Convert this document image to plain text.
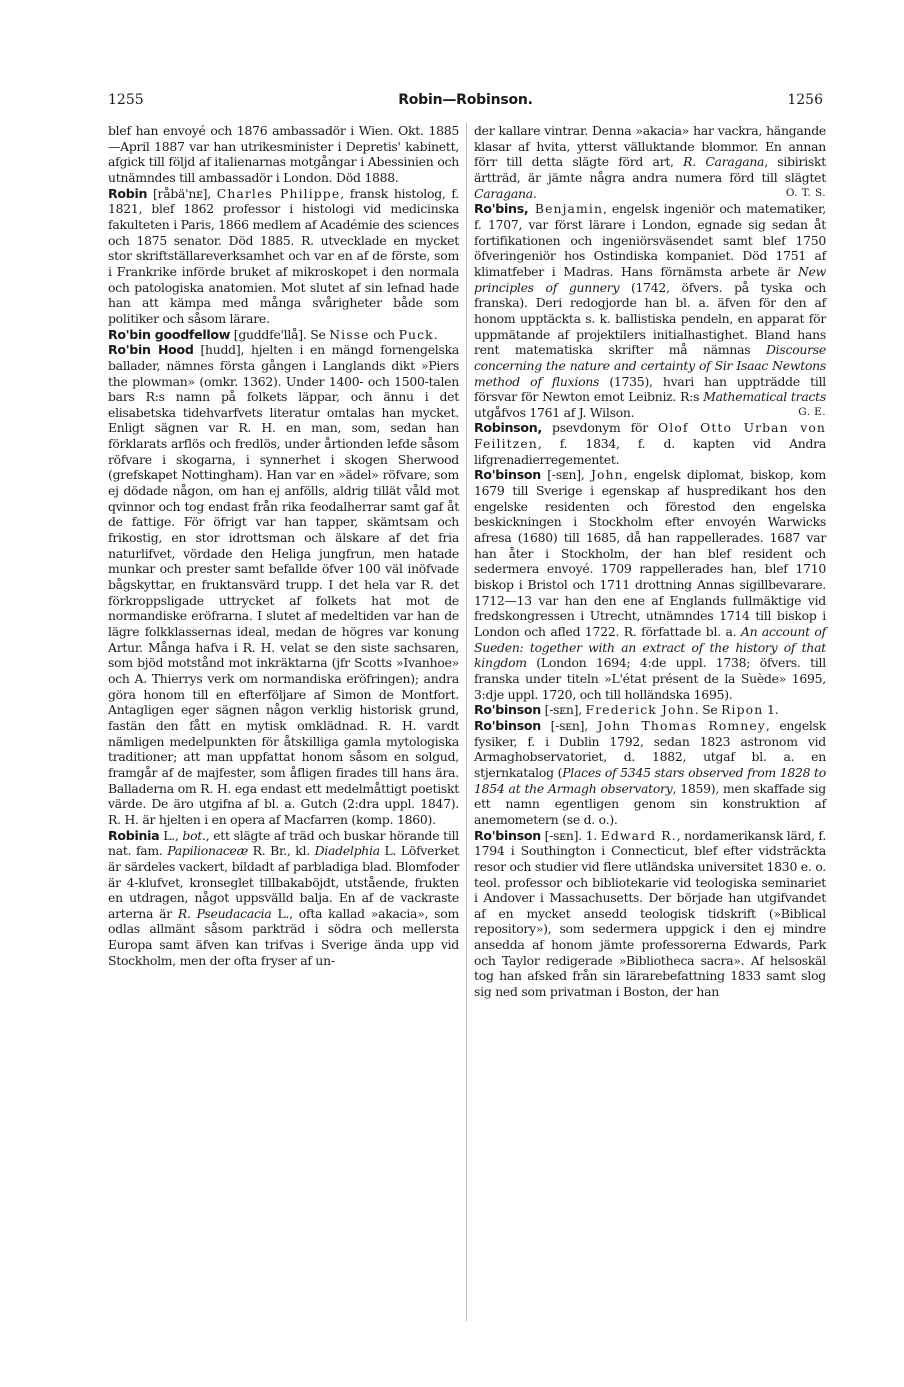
1255	Robin—Robinson.	1256

blef han envoyé och 1876 ambassadör i Wien. Okt. 1885—April 1887 var han utrikesminister i Depretis' kabinett, afgick till följd af italienarnas motgångar i Abessinien och utnämndes till ambassadör i London. Död 1888.

Robin [råbä'nᴇ], Charles Philippe, fransk histolog, f. 1821, blef 1862 professor i histologi vid medicinska fakulteten i Paris, 1866 medlem af Académie des sciences och 1875 senator. Död 1885. R. utvecklade en mycket stor skriftställareverksamhet och var en af de förste, som i Frankrike införde bruket af mikroskopet i den normala och patologiska anatomien. Mot slutet af sin lefnad hade han att kämpa med många svårigheter både som politiker och såsom lärare.

Ro'bin goodfellow [guddfe'llå]. Se Nisse och Puck.

Ro'bin Hood [hudd], hjelten i en mängd fornengelska ballader, nämnes första gången i Langlands dikt »Piers the plowman» (omkr. 1362). Under 1400- och 1500-talen bars R:s namn på folkets läppar, och ännu i det elisabetska tidehvarfvets literatur omtalas han mycket. Enligt sägnen var R. H. en man, som, sedan han förklarats arflös och fredlös, under årtionden lefde såsom röfvare i skogarna, i synnerhet i skogen Sherwood (grefskapet Nottingham). Han var en »ädel» röfvare, som ej dödade någon, om han ej anfölls, aldrig tillät våld mot qvinnor och tog endast från rika feodalherrar samt gaf åt de fattige. För öfrigt var han tapper, skämtsam och frikostig, en stor idrottsman och älskare af det fria naturlifvet, vördade den Heliga jungfrun, men hatade munkar och prester samt befallde öfver 100 väl inöfvade bågskyttar, en fruktansvärd trupp. I det hela var R. det förkroppsligade uttrycket af folkets hat mot de normandiske eröfrarna. I slutet af medeltiden var han de lägre folkklassernas ideal, medan de högres var konung Artur. Många hafva i R. H. velat se den siste sachsaren, som bjöd motstånd mot inkräktarna (jfr Scotts »Ivanhoe» och A. Thierrys verk om normandiska eröfringen); andra göra honom till en efterföljare af Simon de Montfort. Antagligen eger sägnen någon verklig historisk grund, fastän den fått en mytisk omklädnad. R. H. vardt nämligen medelpunkten för åtskilliga gamla mytologiska traditioner; att man uppfattat honom såsom en solgud, framgår af de majfester, som åfligen firades till hans ära. Balladerna om R. H. ega endast ett medelmåttigt poetiskt värde. De äro utgifna af bl. a. Gutch (2:dra uppl. 1847). R. H. är hjelten i en opera af Macfarren (komp. 1860).

Robinia L., bot., ett slägte af träd och buskar hörande till nat. fam. Papilionaceæ R. Br., kl. Diadelphia L. Löfverket är särdeles vackert, bildadt af parbladiga blad. Blomfoder är 4-klufvet, kronseglet tillbakaböjdt, utstående, frukten en utdragen, något uppsvälld balja. En af de vackraste arterna är R. Pseudacacia L., ofta kallad »akacia», som odlas allmänt såsom parkträd i södra och mellersta Europa samt äfven kan trifvas i Sverige ända upp vid Stockholm, men der ofta fryser af un-

der kallare vintrar. Denna »akacia» har vackra, hängande klasar af hvita, ytterst välluktande blommor. En annan förr till detta slägte förd art, R. Caragana, sibiriskt ärtträd, är jämte några andra numera förd till slägtet Caragana.	O. T. S.

Ro'bins, Benjamin, engelsk ingeniör och matematiker, f. 1707, var först lärare i London, egnade sig sedan åt fortifikationen och ingeniörsväsendet samt blef 1750 öfveringeniör hos Ostindiska kompaniet. Död 1751 af klimatfeber i Madras. Hans förnämsta arbete är New principles of gunnery (1742, öfvers. på tyska och franska). Deri redogjorde han bl. a. äfven för den af honom upptäckta s. k. ballistiska pendeln, en apparat för uppmätande af projektilers initialhastighet. Bland hans rent matematiska skrifter må nämnas Discourse concerning the nature and certainty of Sir Isaac Newtons method of fluxions (1735), hvari han uppträdde till försvar för Newton emot Leibniz. R:s Mathematical tracts utgåfvos 1761 af J. Wilson.	G. E.

Robinson, psevdonym för Olof Otto Urban von Feilitzen, f. 1834, f. d. kapten vid Andra lifgrenadierregementet.

Ro'binson [-sᴇn], John, engelsk diplomat, biskop, kom 1679 till Sverige i egenskap af huspredikant hos den engelske residenten och förestod den engelska beskickningen i Stockholm efter envoyén Warwicks afresa (1680) till 1685, då han rappellerades. 1687 var han åter i Stockholm, der han blef resident och sedermera envoyé. 1709 rappellerades han, blef 1710 biskop i Bristol och 1711 drottning Annas sigillbevarare. 1712—13 var han den ene af Englands fullmäktige vid fredskongressen i Utrecht, utnämndes 1714 till biskop i London och afled 1722. R. författade bl. a. An account of Sueden: together with an extract of the history of that kingdom (London 1694; 4:de uppl. 1738; öfvers. till franska under titeln »L'état présent de la Suède» 1695, 3:dje uppl. 1720, och till holländska 1695).

Ro'binson [-sᴇn], Frederick John. Se Ripon 1.

Ro'binson [-sᴇn], John Thomas Romney, engelsk fysiker, f. i Dublin 1792, sedan 1823 astronom vid Armaghobservatoriet, d. 1882, utgaf bl. a. en stjernkatalog (Places of 5345 stars observed from 1828 to 1854 at the Armagh observatory, 1859), men skaffade sig ett namn egentligen genom sin konstruktion af anemometern (se d. o.).

Ro'binson [-sᴇn]. 1. Edward R., nordamerikansk lärd, f. 1794 i Southington i Connecticut, blef efter vidsträckta resor och studier vid flere utländska universitet 1830 e. o. teol. professor och bibliotekarie vid teologiska seminariet i Andover i Massachusetts. Der började han utgifvandet af en mycket ansedd teologisk tidskrift (»Biblical repository»), som sedermera uppgick i den ej mindre ansedda af honom jämte professorerna Edwards, Park och Taylor redigerade »Bibliotheca sacra». Af helsoskäl tog han afsked från sin lärarebefattning 1833 samt slog sig ned som privatman i Boston, der han
